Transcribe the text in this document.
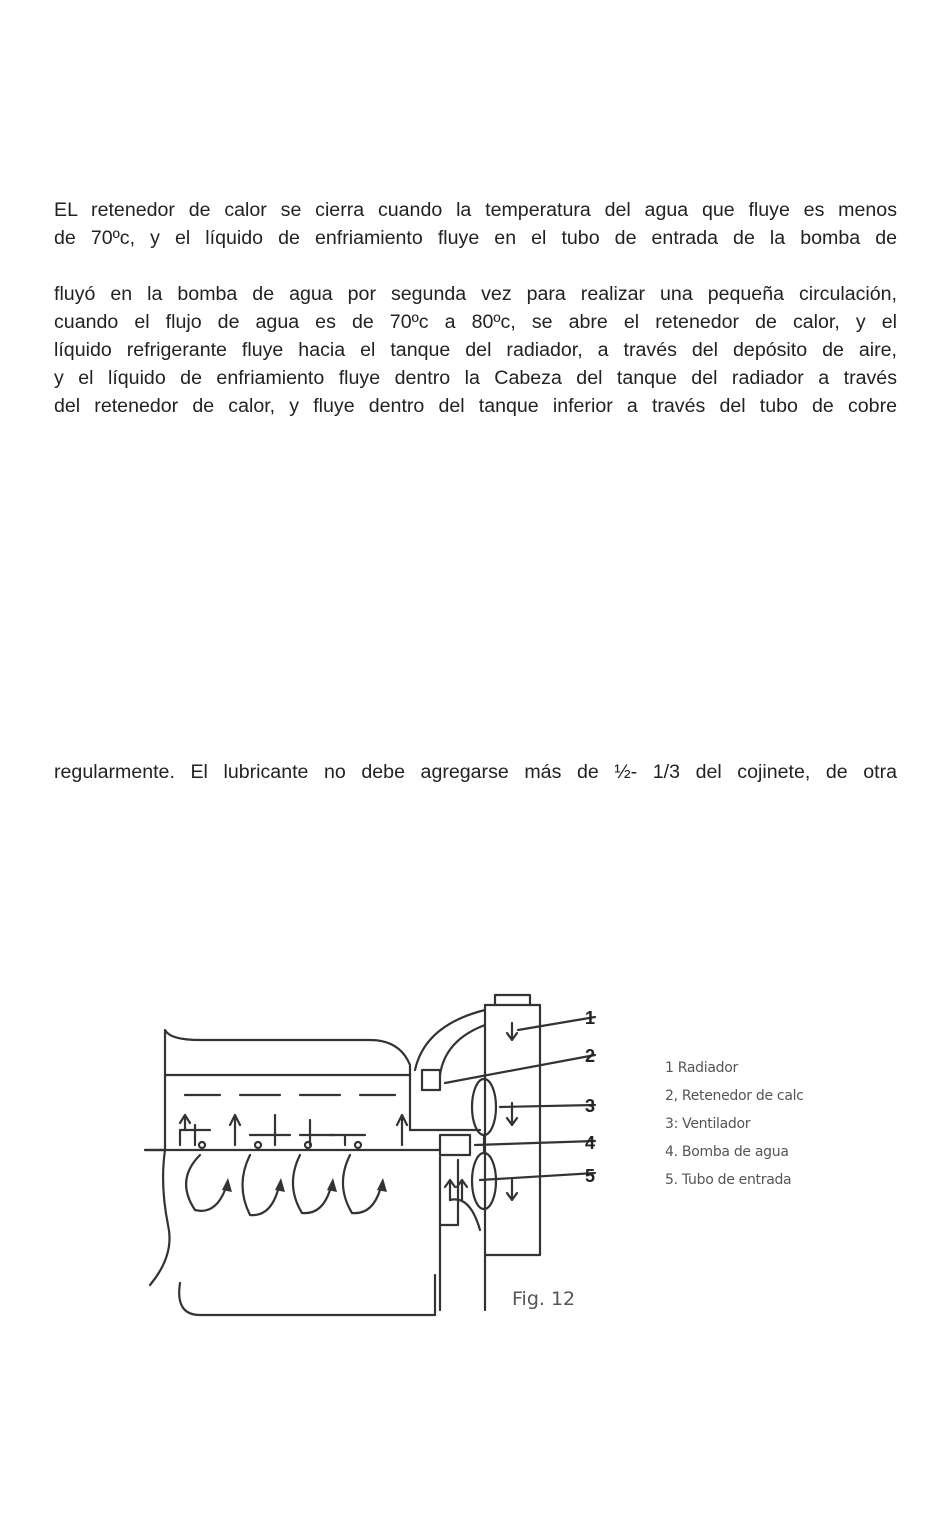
EL retenedor de calor se cierra cuando la temperatura del agua que fluye es menos
de 70ºc, y el líquido de enfriamiento fluye en el tubo de entrada de la bomba de
fluyó en la bomba de agua por segunda vez para realizar una pequeña circulación,
cuando el flujo de agua es de 70ºc a 80ºc, se abre el retenedor de calor, y el
líquido refrigerante fluye hacia el tanque del radiador, a través del depósito de aire,
y el líquido de enfriamiento fluye dentro la Cabeza del tanque del radiador a través
del retenedor de calor, y fluye dentro del tanque inferior a través del tubo de cobre
regularmente. El lubricante no debe agregarse más de ½- 1/3 del cojinete, de otra
1
2
3
4
5
1 Radiador
2, Retenedor de calc
3: Ventilador
4. Bomba de agua
5. Tubo de entrada
Fig. 12
